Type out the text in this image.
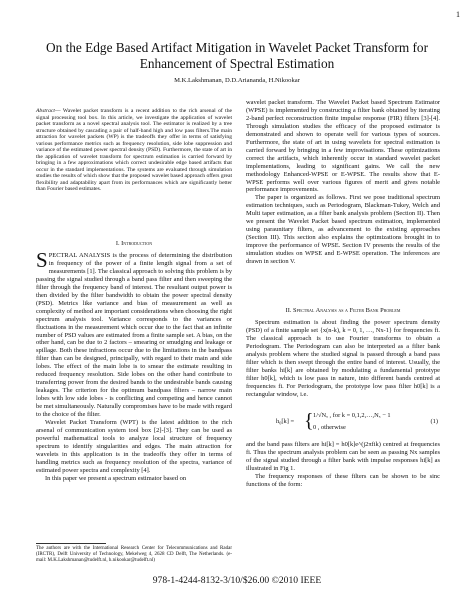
1
On the Edge Based Artifact Mitigation in Wavelet Packet Transform for
Enhancement of Spectral Estimation
M.K.Lakshmanan, D.D.Ariananda, H.Nikookar
Abstract— Wavelet packet transform is a recent addition to the rich arsenal of the signal processing tool box. In this article, we investigate the application of wavelet packet transform as a novel spectral analysis tool. The estimator is realized by a tree structure obtained by cascading a pair of half-band high and low pass filters.The main attraction for wavelet packets (WP) is the tradeoffs they offer in terms of satisfying various performance metrics such as frequency resolution, side lobe suppression and variance of the estimated power spectral density (PSD). Furthermore, the state of art in the application of wavelet transform for spectrum estimation is carried forward by bringing in a few approximations which correct undesirable edge based artifacts that occur in the standard implementations. The systems are evaluated through simulation studies the results of which show that the proposed wavelet based approach offers great flexibility and adaptability apart from its performances which are significantly better than Fourier based estimates.
I. Introduction

SPECTRAL ANALYSIS is the process of determining the distribution in frequency of the power of a finite length signal from a set of measurements [1]. The classical approach to solving this problem is by passing the signal studied through a band pass filter and then sweeping the filter through the frequency band of interest. The resultant output power is then divided by the filter bandwidth to obtain the power spectral density (PSD). Metrics like variance and bias of measurement as well as complexity of method are important considerations when choosing the right spectrum analysis tool. Variance corresponds to the variances or fluctuations in the measurement which occur due to the fact that an infinite number of PSD values are estimated from a finite sample set. A bias, on the other hand, can be due to 2 factors – smearing or smudging and leakage or spillage. Both these infractions occur due to the limitations in the bandpass filter than can be designed, principally, with regard to their main and side lobes. The effect of the main lobe is to smear the estimate resulting in reduced frequency resolution. Side lobes on the other hand contribute to transferring power from the desired bands to the undesirable bands causing leakages. The criterion for the optimum bandpass filters – narrow main lobes with low side lobes - is conflicting and competing and hence cannot be met simultaneously. Naturally compromises have to be made with regard to the choice of the filter.

Wavelet Packet Transform (WPT) is the latest addition to the rich arsenal of communication system tool box [2]-[3]. They can be used as powerful mathematical tools to analyze local structure of frequency spectrum to identify singularities and edges. The main attraction for wavelets in this application is in the tradeoffs they offer in terms of handling metrics such as frequency resolution of the spectra, variance of estimated power spectra and complexity [4].

In this paper we present a spectrum estimator based on

The authors are with the International Research Center for Telecommunications and Radar (IRCTR), Delft University of Technology, Mekelweg 4, 2628 CD Delft, The Netherlands. (e-mail: M.K.Lakshmanan@tudelft.nl, h.nikookar@tudelft.nl)

wavelet packet transform. The Wavelet Packet based Spectrum Estimator (WPSE) is implemented by constructing a filter bank obtained by iterating 2-band perfect reconstruction finite impulse response (FIR) filters [3]-[4]. Through simulation studies the efficacy of the proposed estimator is demonstrated and shown to operate well for various types of sources. Furthermore, the state of art in using wavelets for spectral estimation is carried forward by bringing in a few improvisations. These optimizations correct the artifacts, which inherently occur in standard wavelet packet implementations, leading to significant gains. We call the new methodology Enhanced-WPSE or E-WPSE. The results show that E-WPSE performs well over various figures of merit and gives notable performance improvements.

The paper is organized as follows. First we pose traditional spectrum estimation techniques, such as Periodogram, Blackman-Tukey, Welch and Multi taper estimation, as a filter bank analysis problem (Section II). Then we present the Wavelet Packet based spectrum estimation, implemented using paraunitary filters, as advancement to the existing approaches (Section III). This section also explains the optimizations brought in to improve the performance of WPSE. Section IV presents the results of the simulation studies on WPSE and E-WPSE operation. The inferences are drawn in section V.

II. Spectral Analysis as a Filter Bank Problem

Spectrum estimation is about finding the power spectrum density (PSD) of a finite sample set {x(n-k), k = 0, 1, …, Nx-1} for frequencies fi. The classical approach is to use Fourier transforms to obtain a Periodogram. The Periodogram can also be interpreted as a filter bank analysis problem where the studied signal is passed through a band pass filter which is then swept through the entire band of interest. Usually, the filter banks hi[k] are obtained by modulating a fundamental prototype filter h0[k], which is low pass in nature, into different bands centred at frequencies fi. For Periodogram, the prototype low pass filter h0[k] is a rectangular window, i.e.

h₀[k] = { 1/√Nₓ , for k = 0,1,2,…,Nₓ − 1
0 , otherwise
(1)

and the band pass filters are hi[k] = h0[k]e^(j2πfik) centred at frequencies fi. Thus the spectrum analysis problem can be seen as passing Nx samples of the signal studied through a filter bank with impulse responses hi[k] as illustrated in Fig 1.

The frequency responses of these filters can be shown to be sinc functions of the form:

978-1-4244-8132-3/10/$26.00 ©2010 IEEE
